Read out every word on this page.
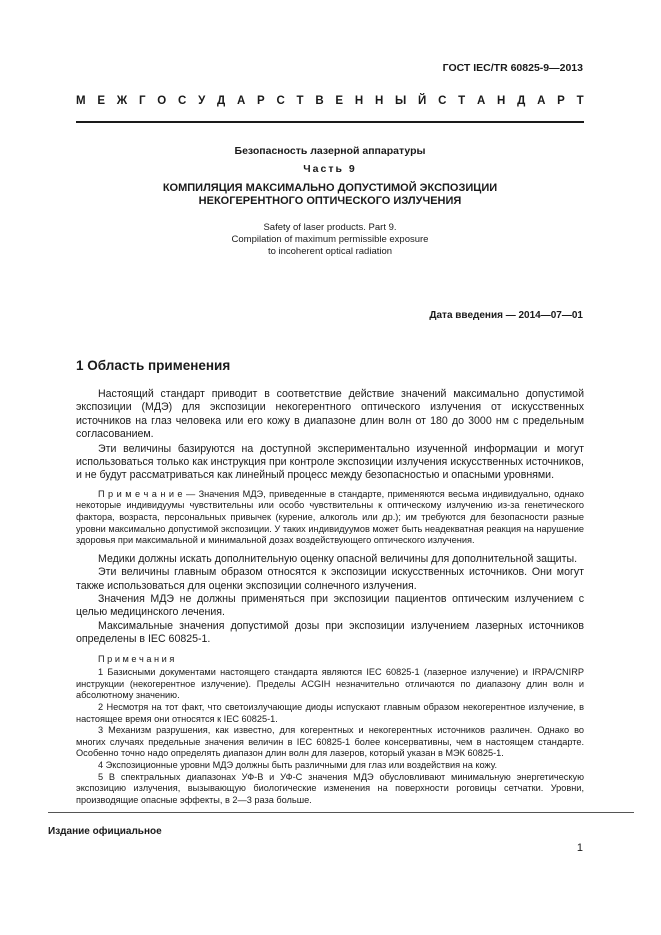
ГОСТ IEC/TR 60825-9—2013
М
Е
Ж
Г
О
С
У
Д
А
Р
С
Т
В
Е
Н
Н
Ы
Й
С
Т
А
Н
Д
А
Р
Т
Безопасность лазерной аппаратуры
Часть 9
КОМПИЛЯЦИЯ МАКСИМАЛЬНО ДОПУСТИМОЙ ЭКСПОЗИЦИИ
НЕКОГЕРЕНТНОГО ОПТИЧЕСКОГО ИЗЛУЧЕНИЯ
Safety of laser products. Part 9.
Compilation of maximum permissible exposure
to incoherent optical radiation
Дата введения — 2014—07—01
1 Область применения

Настоящий стандарт приводит в соответствие действие значений максимально допустимой экспозиции (МДЭ) для экспозиции некогерентного оптического излучения от искусственных источников на глаз человека или его кожу в диапазоне длин волн от 180 до 3000 нм с предельным согласованием.

Эти величины базируются на доступной экспериментально изученной информации и могут использоваться только как инструкция при контроле экспозиции излучения искусственных источников, и не будут рассматриваться как линейный процесс между безопасностью и опасными уровнями.

П р и м е ч а н и е — Значения МДЭ, приведенные в стандарте, применяются весьма индивидуально, однако некоторые индивидуумы чувствительны или особо чувствительны к оптическому излучению из-за генетического фактора, возраста, персональных привычек (курение, алкоголь или др.); им требуются для безопасности разные уровни максимально допустимой экспозиции. У таких индивидуумов может быть неадекватная реакция на нарушение здоровья при максимальной и минимальной дозах воздействующего оптического излучения.

Медики должны искать дополнительную оценку опасной величины для дополнительной защиты.

Эти величины главным образом относятся к экспозиции искусственных источников. Они могут также использоваться для оценки экспозиции солнечного излучения.

Значения МДЭ не должны применяться при экспозиции пациентов оптическим излучением с целью медицинского лечения.

Максимальные значения допустимой дозы при экспозиции излучением лазерных источников определены в IEC 60825-1.

П р и м е ч а н и я

1 Базисными документами настоящего стандарта являются IEC 60825-1 (лазерное излучение) и IRPA/CNIRP инструкции (некогерентное излучение). Пределы ACGIH незначительно отличаются по диапазону длин волн и абсолютному значению.

2 Несмотря на тот факт, что светоизлучающие диоды испускают главным образом некогерентное излучение, в настоящее время они относятся к IEC 60825-1.

3 Механизм разрушения, как известно, для когерентных и некогерентных источников различен. Однако во многих случаях предельные значения величин в IEC 60825-1 более консервативны, чем в настоящем стандарте. Особенно точно надо определять диапазон длин волн для лазеров, который указан в МЭК 60825-1.

4 Экспозиционные уровни МДЭ должны быть различными для глаз или воздействия на кожу.

5 В спектральных диапазонах УФ-В и УФ-С значения МДЭ обусловливают минимальную энергетическую экспозицию излучения, вызывающую биологические изменения на поверхности роговицы сетчатки. Уровни, производящие опасные эффекты, в 2—3 раза больше.

Издание официальное
1
